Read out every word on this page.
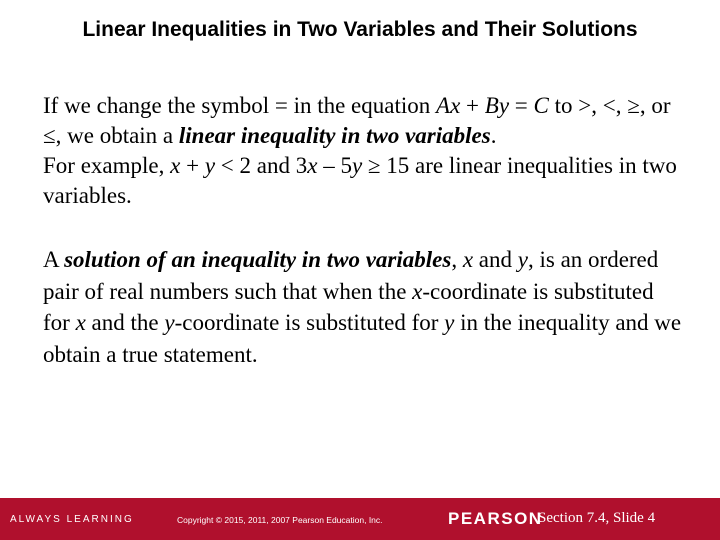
Linear Inequalities in Two Variables and Their Solutions

If we change the symbol = in the equation Ax + By = C to >, <, ≥, or ≤, we obtain a linear inequality in two variables.

For example, x + y < 2 and 3x – 5y ≥ 15 are linear inequalities in two variables.

A solution of an inequality in two variables, x and y, is an ordered pair of real numbers such that when the x-coordinate is substituted for x and the y-coordinate is substituted for y in the inequality and we obtain a true statement.

ALWAYS LEARNING	Copyright © 2015, 2011, 2007 Pearson Education, Inc.	PEARSON
Section 7.4, Slide 4
